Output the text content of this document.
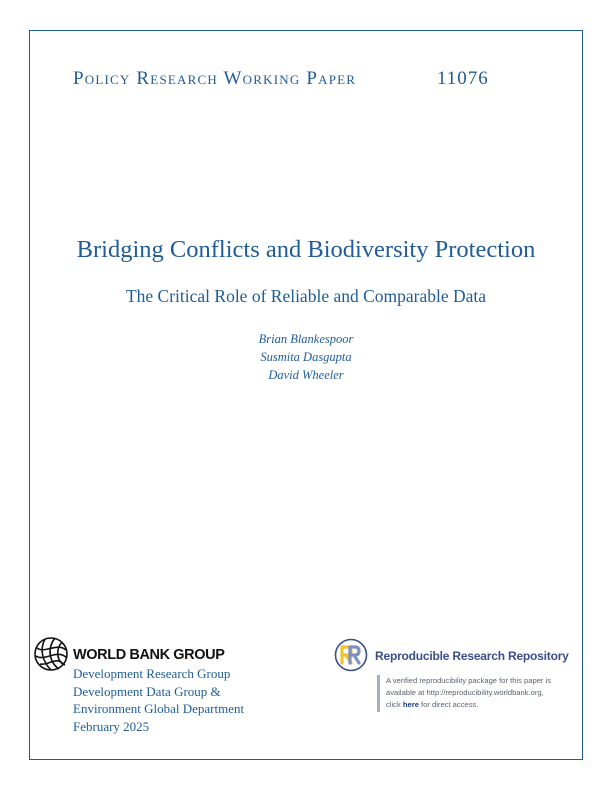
Policy Research Working Paper	11076
Bridging Conflicts and Biodiversity Protection
The Critical Role of Reliable and Comparable Data
Brian Blankespoor
Susmita Dasgupta
David Wheeler
WORLD BANK GROUP
Development Research Group
Development Data Group &
Environment Global Department
February 2025
Reproducible Research Repository
A verified reproducibility package for this paper is
available at http://reproducibility.worldbank.org,
click here for direct access.
